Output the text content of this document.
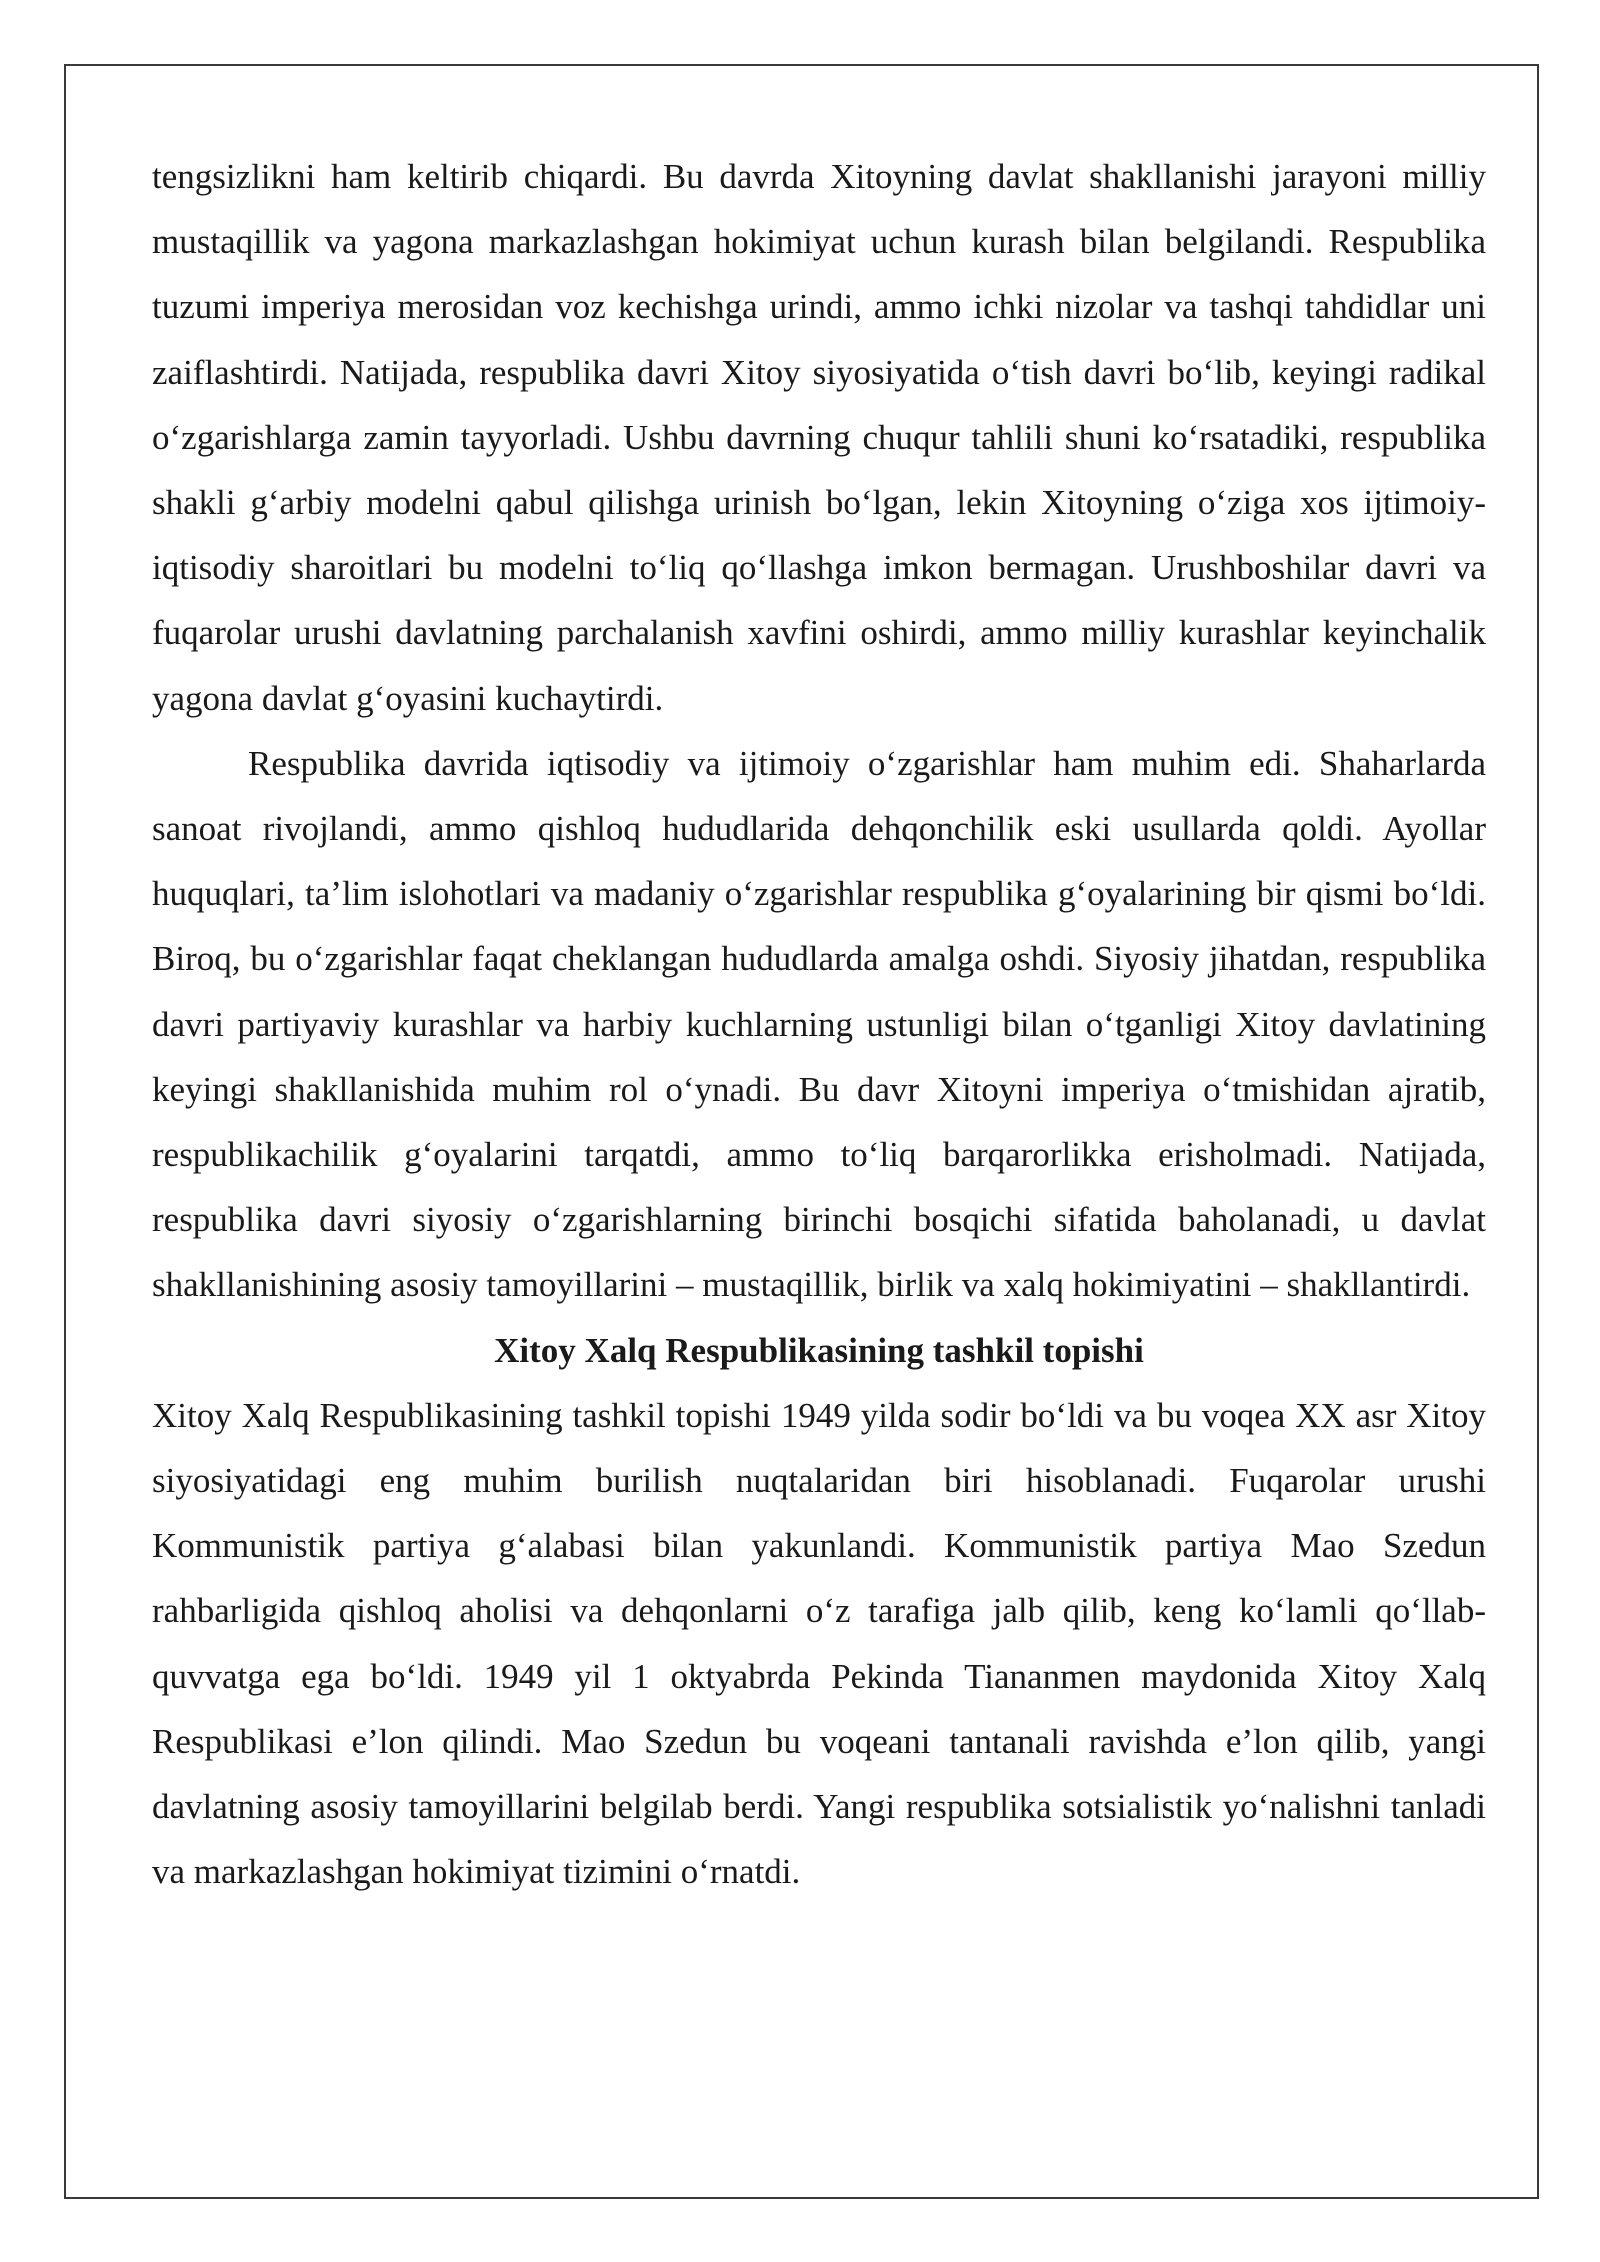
tengsizlikni ham keltirib chiqardi. Bu davrda Xitoyning davlat shakllanishi jarayoni milliy mustaqillik va yagona markazlashgan hokimiyat uchun kurash bilan belgilandi. Respublika tuzumi imperiya merosidan voz kechishga urindi, ammo ichki nizolar va tashqi tahdidlar uni zaiflashtirdi. Natijada, respublika davri Xitoy siyosiyatida o‘tish davri bo‘lib, keyingi radikal o‘zgarishlarga zamin tayyorladi. Ushbu davrning chuqur tahlili shuni ko‘rsatadiki, respublika shakli g‘arbiy modelni qabul qilishga urinish bo‘lgan, lekin Xitoyning o‘ziga xos ijtimoiy-iqtisodiy sharoitlari bu modelni to‘liq qo‘llashga imkon bermagan. Urushboshilar davri va fuqarolar urushi davlatning parchalanish xavfini oshirdi, ammo milliy kurashlar keyinchalik yagona davlat g‘oyasini kuchaytirdi.

Respublika davrida iqtisodiy va ijtimoiy o‘zgarishlar ham muhim edi. Shaharlarda sanoat rivojlandi, ammo qishloq hududlarida dehqonchilik eski usullarda qoldi. Ayollar huquqlari, ta’lim islohotlari va madaniy o‘zgarishlar respublika g‘oyalarining bir qismi bo‘ldi. Biroq, bu o‘zgarishlar faqat cheklangan hududlarda amalga oshdi. Siyosiy jihatdan, respublika davri partiyaviy kurashlar va harbiy kuchlarning ustunligi bilan o‘tganligi Xitoy davlatining keyingi shakllanishida muhim rol o‘ynadi. Bu davr Xitoyni imperiya o‘tmishidan ajratib, respublikachilik g‘oyalarini tarqatdi, ammo to‘liq barqarorlikka erisholmadi. Natijada, respublika davri siyosiy o‘zgarishlarning birinchi bosqichi sifatida baholanadi, u davlat shakllanishining asosiy tamoyillarini – mustaqillik, birlik va xalq hokimiyatini – shakllantirdi.

Xitoy Xalq Respublikasining tashkil topishi

Xitoy Xalq Respublikasining tashkil topishi 1949 yilda sodir bo‘ldi va bu voqea XX asr Xitoy siyosiyatidagi eng muhim burilish nuqtalaridan biri hisoblanadi. Fuqarolar urushi Kommunistik partiya g‘alabasi bilan yakunlandi. Kommunistik partiya Mao Szedun rahbarligida qishloq aholisi va dehqonlarni o‘z tarafiga jalb qilib, keng ko‘lamli qo‘llab-quvvatga ega bo‘ldi. 1949 yil 1 oktyabrda Pekinda Tiananmen maydonida Xitoy Xalq Respublikasi e’lon qilindi. Mao Szedun bu voqeani tantanali ravishda e’lon qilib, yangi davlatning asosiy tamoyillarini belgilab berdi. Yangi respublika sotsialistik yo‘nalishni tanladi va markazlashgan hokimiyat tizimini o‘rnatdi.
